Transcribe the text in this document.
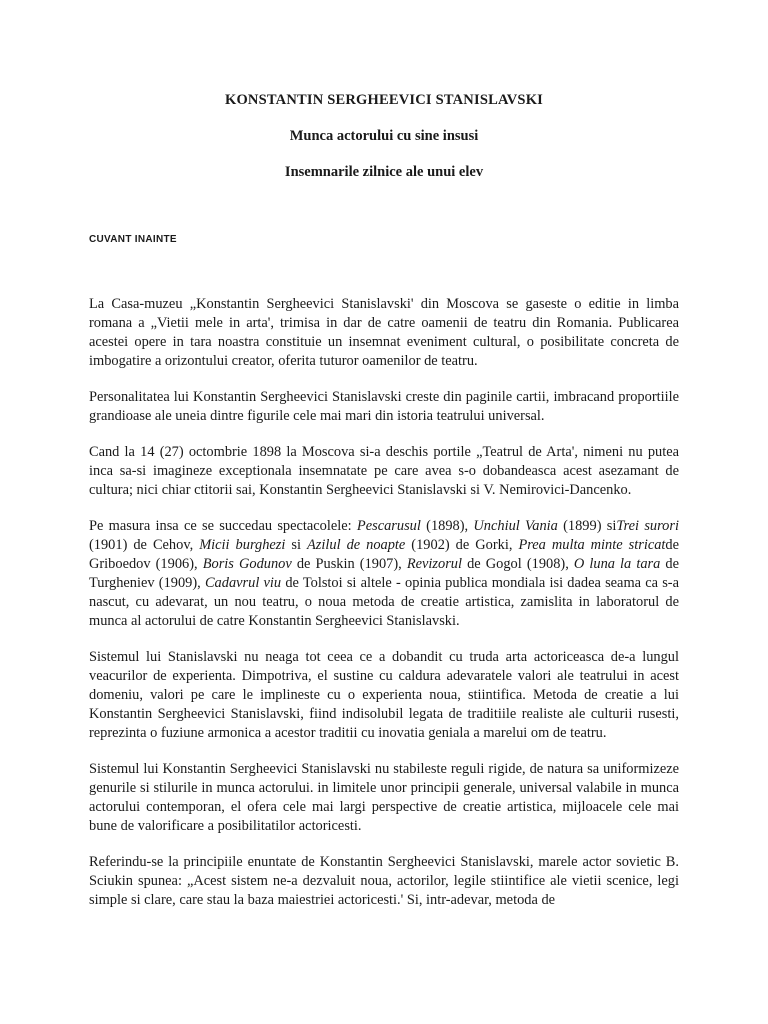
KONSTANTIN SERGHEEVICI STANISLAVSKI
Munca actorului cu sine insusi
Insemnarile zilnice ale unui elev
CUVANT INAINTE

La Casa-muzeu „Konstantin Sergheevici Stanislavski' din Moscova se gaseste o editie in limba romana a „Vietii mele in arta', trimisa in dar de catre oamenii de teatru din Romania. Publicarea acestei opere in tara noastra constituie un insemnat eveniment cultural, o posibilitate concreta de imbogatire a orizontului creator, oferita tuturor oamenilor de teatru.

Personalitatea lui Konstantin Sergheevici Stanislavski creste din paginile cartii, imbracand proportiile grandioase ale uneia dintre figurile cele mai mari din istoria teatrului universal.

Cand la 14 (27) octombrie 1898 la Moscova si-a deschis portile „Teatrul de Arta', nimeni nu putea inca sa-si imagineze exceptionala insemnatate pe care avea s-o dobandeasca acest asezamant de cultura; nici chiar ctitorii sai, Konstantin Sergheevici Stanislavski si V. Nemirovici-Dancenko.

Pe masura insa ce se succedau spectacolele: Pescarusul (1898), Unchiul Vania (1899) siTrei surori (1901) de Cehov, Micii burghezi si Azilul de noapte (1902) de Gorki, Prea multa minte stricatde Griboedov (1906), Boris Godunov de Puskin (1907), Revizorul de Gogol (1908), O luna la tara de Turgheniev (1909), Cadavrul viu de Tolstoi si altele - opinia publica mondiala isi dadea seama ca s-a nascut, cu adevarat, un nou teatru, o noua metoda de creatie artistica, zamislita in laboratorul de munca al actorului de catre Konstantin Sergheevici Stanislavski.

Sistemul lui Stanislavski nu neaga tot ceea ce a dobandit cu truda arta actoriceasca de-a lungul veacurilor de experienta. Dimpotriva, el sustine cu caldura adevaratele valori ale teatrului in acest domeniu, valori pe care le implineste cu o experienta noua, stiintifica. Metoda de creatie a lui Konstantin Sergheevici Stanislavski, fiind indisolubil legata de traditiile realiste ale culturii rusesti, reprezinta o fuziune armonica a acestor traditii cu inovatia geniala a marelui om de teatru.

Sistemul lui Konstantin Sergheevici Stanislavski nu stabileste reguli rigide, de natura sa uniformizeze genurile si stilurile in munca actorului. in limitele unor principii generale, universal valabile in munca actorului contemporan, el ofera cele mai largi perspective de creatie artistica, mijloacele cele mai bune de valorificare a posibilitatilor actoricesti.

Referindu-se la principiile enuntate de Konstantin Sergheevici Stanislavski, marele actor sovietic B. Sciukin spunea: „Acest sistem ne-a dezvaluit noua, actorilor, legile stiintifice ale vietii scenice, legi simple si clare, care stau la baza maiestriei actoricesti.' Si, intr-adevar, metoda de
